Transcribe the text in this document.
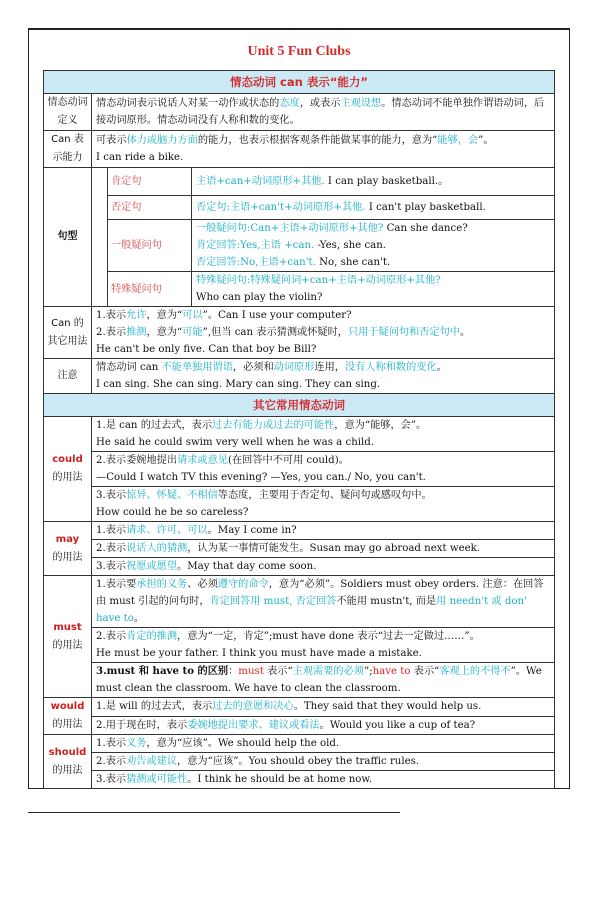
Unit 5 Fun Clubs
情态动词 can 表示“能力”			
情态动词定义	情态动词表示说话人对某一动作或状态的态度，或表示主观设想。情态动词不能单独作谓语动词，后接动词原形。情态动词没有人称和数的变化。		

Can 表示能力	可表示体力或脑力方面的能力，也表示根据客观条件能做某事的能力，意为“能够，会”。
I can ride a bike.		

句型		肯定句	主语+can+动词原形+其他. I can play basketball.。
		否定句	否定句:主语+can't+动词原形+其他. I can't play basketball.
		一般疑问句	一般疑问句:Can+主语+动词原形+其他? Can she dance?
肯定回答:Yes,主语 +can. -Yes, she can.
否定回答:No,主语+can't. No, she can't.

		特殊疑问句	特殊疑问句:特殊疑问词+can+主语+动词原形+其他?
Who can play the violin?

Can 的其它用法	1.表示允许，意为“可以”。Can I use your computer?
2.表示推测，意为“可能”,但当 can 表示猜测或怀疑时，只用于疑问句和否定句中。
He can't be only five. Can that boy be Bill?		

注意	情态动词 can 不能单独用谓语，必须和动词原形连用，没有人称和数的变化。
I can sing. She can sing. Mary can sing. They can sing.		

其它常用情态动词			
could
的用法	1.是 can 的过去式，表示过去有能力或过去的可能性，意为“能够，会”。
He said he could swim very well when he was a child.		

	2.表示委婉地提出请求或意见(在回答中不可用 could)。
—Could I watch TV this evening? —Yes, you can./ No, you can't.		

	3.表示惊异、怀疑、不相信等态度，主要用于否定句、疑问句或感叹句中。
How could he be so careless?		

may
的用法	1.表示请求、许可、可以。May I come in?		

	2.表示说话人的猜测，认为某一事情可能发生。Susan may go abroad next week.		

	3.表示祝愿或愿望。May that day come soon.		

must
的用法	1.表示要承担的义务、必须遵守的命令，意为“必须”。Soldiers must obey orders. 注意：在回答由 must 引起的问句时，肯定回答用 must, 否定回答不能用 mustn't, 而是用 needn't 或 don' have to。		

	2.表示肯定的推测，意为“一定，肯定”;must have done 表示“过去一定做过……”。
He must be your father. I think you must have made a mistake.		

	3.must 和 have to 的区别：must 表示“主观需要的必须”;have to 表示“客观上的不得不”。We must clean the classroom. We have to clean the classroom.		

would
的用法	1.是 will 的过去式，表示过去的意愿和决心。They said that they would help us.		

	2.用于现在时，表示委婉地提出要求、建议或看法。Would you like a cup of tea?		

should
的用法	1.表示义务，意为“应该”。We should help the old.		

	2.表示劝告或建议，意为“应该”。You should obey the traffic rules.		

	3.表示猜测或可能性。I think he should be at home now.		
